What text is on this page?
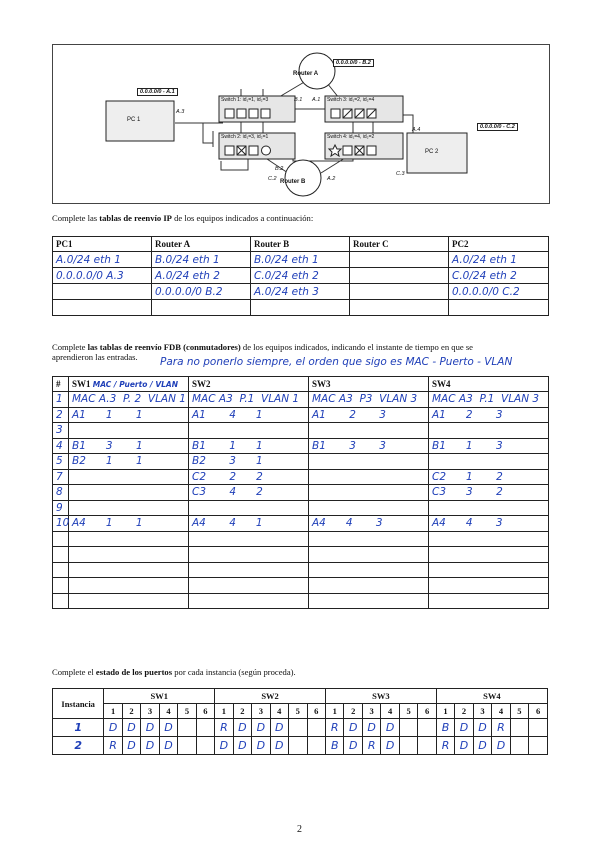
Router A
Router B
PC 1
PC 2
0.0.0.0/0 - A.1
0.0.0.0/0 - B.2
0.0.0.0/0 - C.2
Switch 1: id₁=1, id₂=3	Switch 3: id₁=2, id₂=4
Switch 2: id₁=3, id₂=1	Switch 4: id₁=4, id₂=2
A.3
B.1 A.1
A.4
B.2
C.2	A.2
C.3
Complete las tablas de reenvío IP de los equipos indicados a continuación:
PC1	Router A	Router B	Router C	PC2
A.0/24 eth 1	B.0/24 eth 1	B.0/24 eth 1		A.0/24 eth 1
0.0.0.0/0 A.3	A.0/24 eth 2	C.0/24 eth 2		C.0/24 eth 2
	0.0.0.0/0 B.2	A.0/24 eth 3		0.0.0.0/0 C.2

Complete las tablas de reenvío FDB (conmutadores) de los equipos indicados, indicando el instante de tiempo en que se
aprendieron las entradas.	Para no ponerlo siempre, el orden que sigo es MAC - Puerto - VLAN
#	SW1 MAC / Puerto / VLAN	SW2	SW3	SW4
1	MAC A.3  P. 2  VLAN 1	MAC A3  P.1  VLAN 1	MAC A3  P3  VLAN 3	MAC A3  P.1  VLAN 3
2	A1      1       1	A1       4      1	A1       2       3	A1      2       3
3				
4	B1      3       1	B1       1      1	B1       3       3	B1      1       3
5	B2      1       1	B2       3      1		
7		C2       2      2		C2      1       2
8		C3       4      2		C3      3       2
9				
10	A4      1       1	A4       4      1	A4      4       3	A4      4       3

Complete el estado de los puertos por cada instancia (según proceda).
Instancia	SW1						SW2						SW3						SW4					
	1	2	3	4	5	6	1	2	3	4	5	6	1	2	3	4	5	6	1	2	3	4	5	6
1	D	D	D	D			R	D	D	D			R	D	D	D			B	D	D	R		
2	R	D	D	D			D	D	D	D			B	D	R	D			R	D	D	D		
2
